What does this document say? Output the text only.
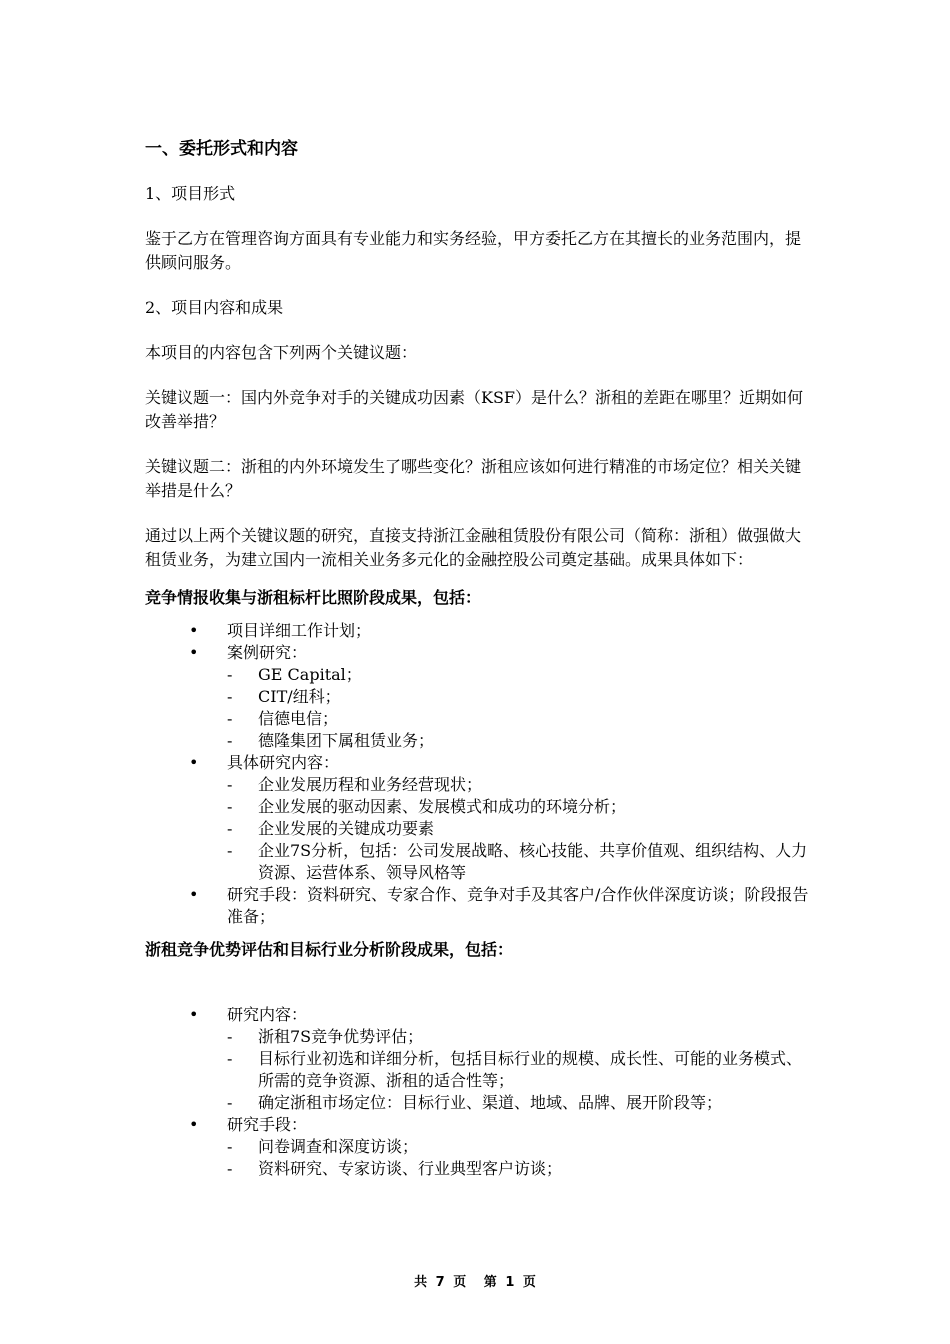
一、委托形式和内容
1、项目形式
鉴于乙方在管理咨询方面具有专业能力和实务经验，甲方委托乙方在其擅长的业务范围内，提供顾问服务。
2、项目内容和成果
本项目的内容包含下列两个关键议题：
关键议题一：国内外竞争对手的关键成功因素（KSF）是什么？浙租的差距在哪里？近期如何改善举措？
关键议题二：浙租的内外环境发生了哪些变化？浙租应该如何进行精准的市场定位？相关关键举措是什么？
通过以上两个关键议题的研究，直接支持浙江金融租赁股份有限公司（简称：浙租）做强做大租赁业务，为建立国内一流相关业务多元化的金融控股公司奠定基础。成果具体如下：
竞争情报收集与浙租标杆比照阶段成果，包括：
• 项目详细工作计划；
• 案例研究：
- GE Capital；
- CIT/纽科；
- 信德电信；
- 德隆集团下属租赁业务；
• 具体研究内容：
- 企业发展历程和业务经营现状；
- 企业发展的驱动因素、发展模式和成功的环境分析；
- 企业发展的关键成功要素
- 企业7S分析，包括：公司发展战略、核心技能、共享价值观、组织结构、人力资源、运营体系、领导风格等
• 研究手段：资料研究、专家合作、竞争对手及其客户/合作伙伴深度访谈；阶段报告准备；
浙租竞争优势评估和目标行业分析阶段成果，包括：
• 研究内容：
- 浙租7S竞争优势评估；
- 目标行业初选和详细分析，包括目标行业的规模、成长性、可能的业务模式、所需的竞争资源、浙租的适合性等；
- 确定浙租市场定位：目标行业、渠道、地域、品牌、展开阶段等；
• 研究手段：
- 问卷调查和深度访谈；
- 资料研究、专家访谈、行业典型客户访谈；
共 7 页 第 1 页
